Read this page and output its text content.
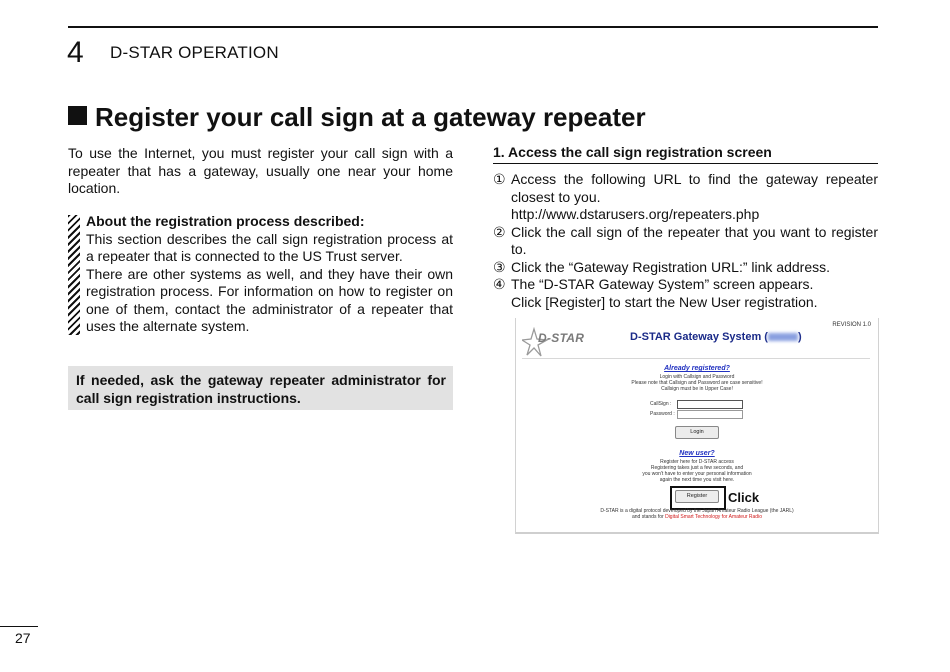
4 D-STAR OPERATION
Register your call sign at a gateway repeater
To use the Internet, you must register your call sign with a repeater that has a gateway, usually one near your home location.
About the registration process described:
This section describes the call sign registration process at a repeater that is connected to the US Trust server.
There are other systems as well, and they have their own registration process. For information on how to register on one of them, contact the administrator of a repeater that uses the alternate system.
If needed, ask the gateway repeater administrator for call sign registration instructions.
1. Access the call sign registration screen
① Access the following URL to find the gateway repeater closest to you.
http://www.dstarusers.org/repeaters.php
② Click the call sign of the repeater that you want to register to.
③ Click the “Gateway Registration URL:” link address.
④ The “D-STAR Gateway System” screen appears.
Click [Register] to start the New User registration.
D-STAR
REVISION 1.0
D-STAR Gateway System (	)
Already registered?
Login with Callsign and Password
Please note that Callsign and Password are case sensitive!
Callsign must be in Upper Case!
CallSign :
Password :
Login
New user?
Register here for D-STAR access
Registering takes just a few seconds, and
you won't have to enter your personal information
again the next time you visit here.
Register	Click
D-STAR is a digital protocol developed by the Japan Amateur Radio League (the JARL)
and stands for Digital Smart Technology for Amateur Radio
27
